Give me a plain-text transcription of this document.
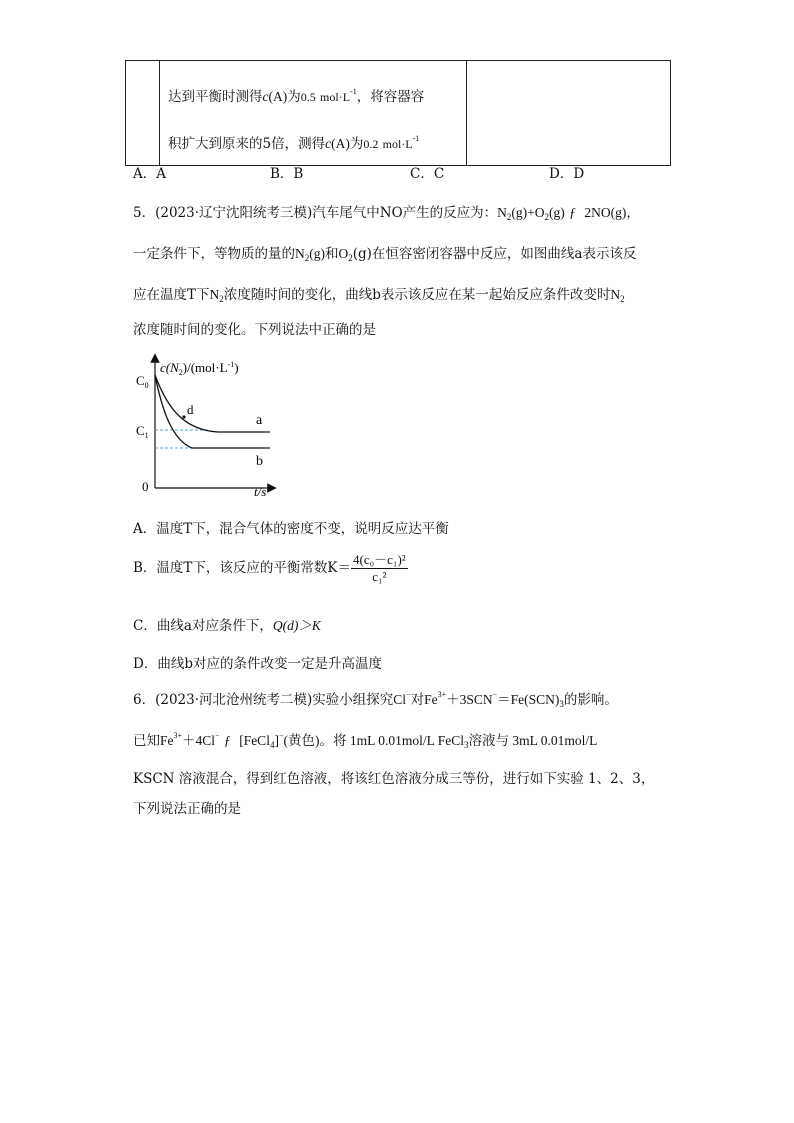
达到平衡时测得c(A)为0.5 $mol\cdot L^{-1}$，将容器容
积扩大到原来的5倍，测得c(A)为0.2 $mol\cdot L^{-1}$

A．A	B．B	C．C	D．D
5．(2023·辽宁沈阳统考三模)汽车尾气中NO产生的反应为：$N_2(g)+O_2(g)$ ƒ 2NO(g)，
一定条件下，等物质的量的$N_2(g)$和$O_2(g)$在恒容密闭容器中反应，如图曲线a表示该反
应在温度T下$N_2$浓度随时间的变化，曲线b表示该反应在某一起始反应条件改变时$N_2$
浓度随时间的变化。下列说法中正确的是
d
a
b
$C_0$
$C_1$
0	t/s
$c(N_2)/(mol\cdot L^{-1})$
A．温度T下，混合气体的密度不变，说明反应达平衡
B．温度T下，该反应的平衡常数$K= \frac{\text{4(c₀－c₁)²}}{\text{c₁²}}$
C．曲线a对应条件下，Q(d)＞K
D．曲线b对应的条件改变一定是升高温度
6．(2023·河北沧州统考二模)实验小组探究Cl−对$Fe^{3+}+3SCN^-=Fe(SCN)_3$的影响。
已知$Fe^{3+}+4Cl^-$ ƒ [FeCl$_4$]−(黄色)。将 1mL 0.01mol/L FeCl$_3$溶液与 3mL 0.01mol/L
KSCN 溶液混合，得到红色溶液，将该红色溶液分成三等份，进行如下实验 1、2、3，
下列说法正确的是
